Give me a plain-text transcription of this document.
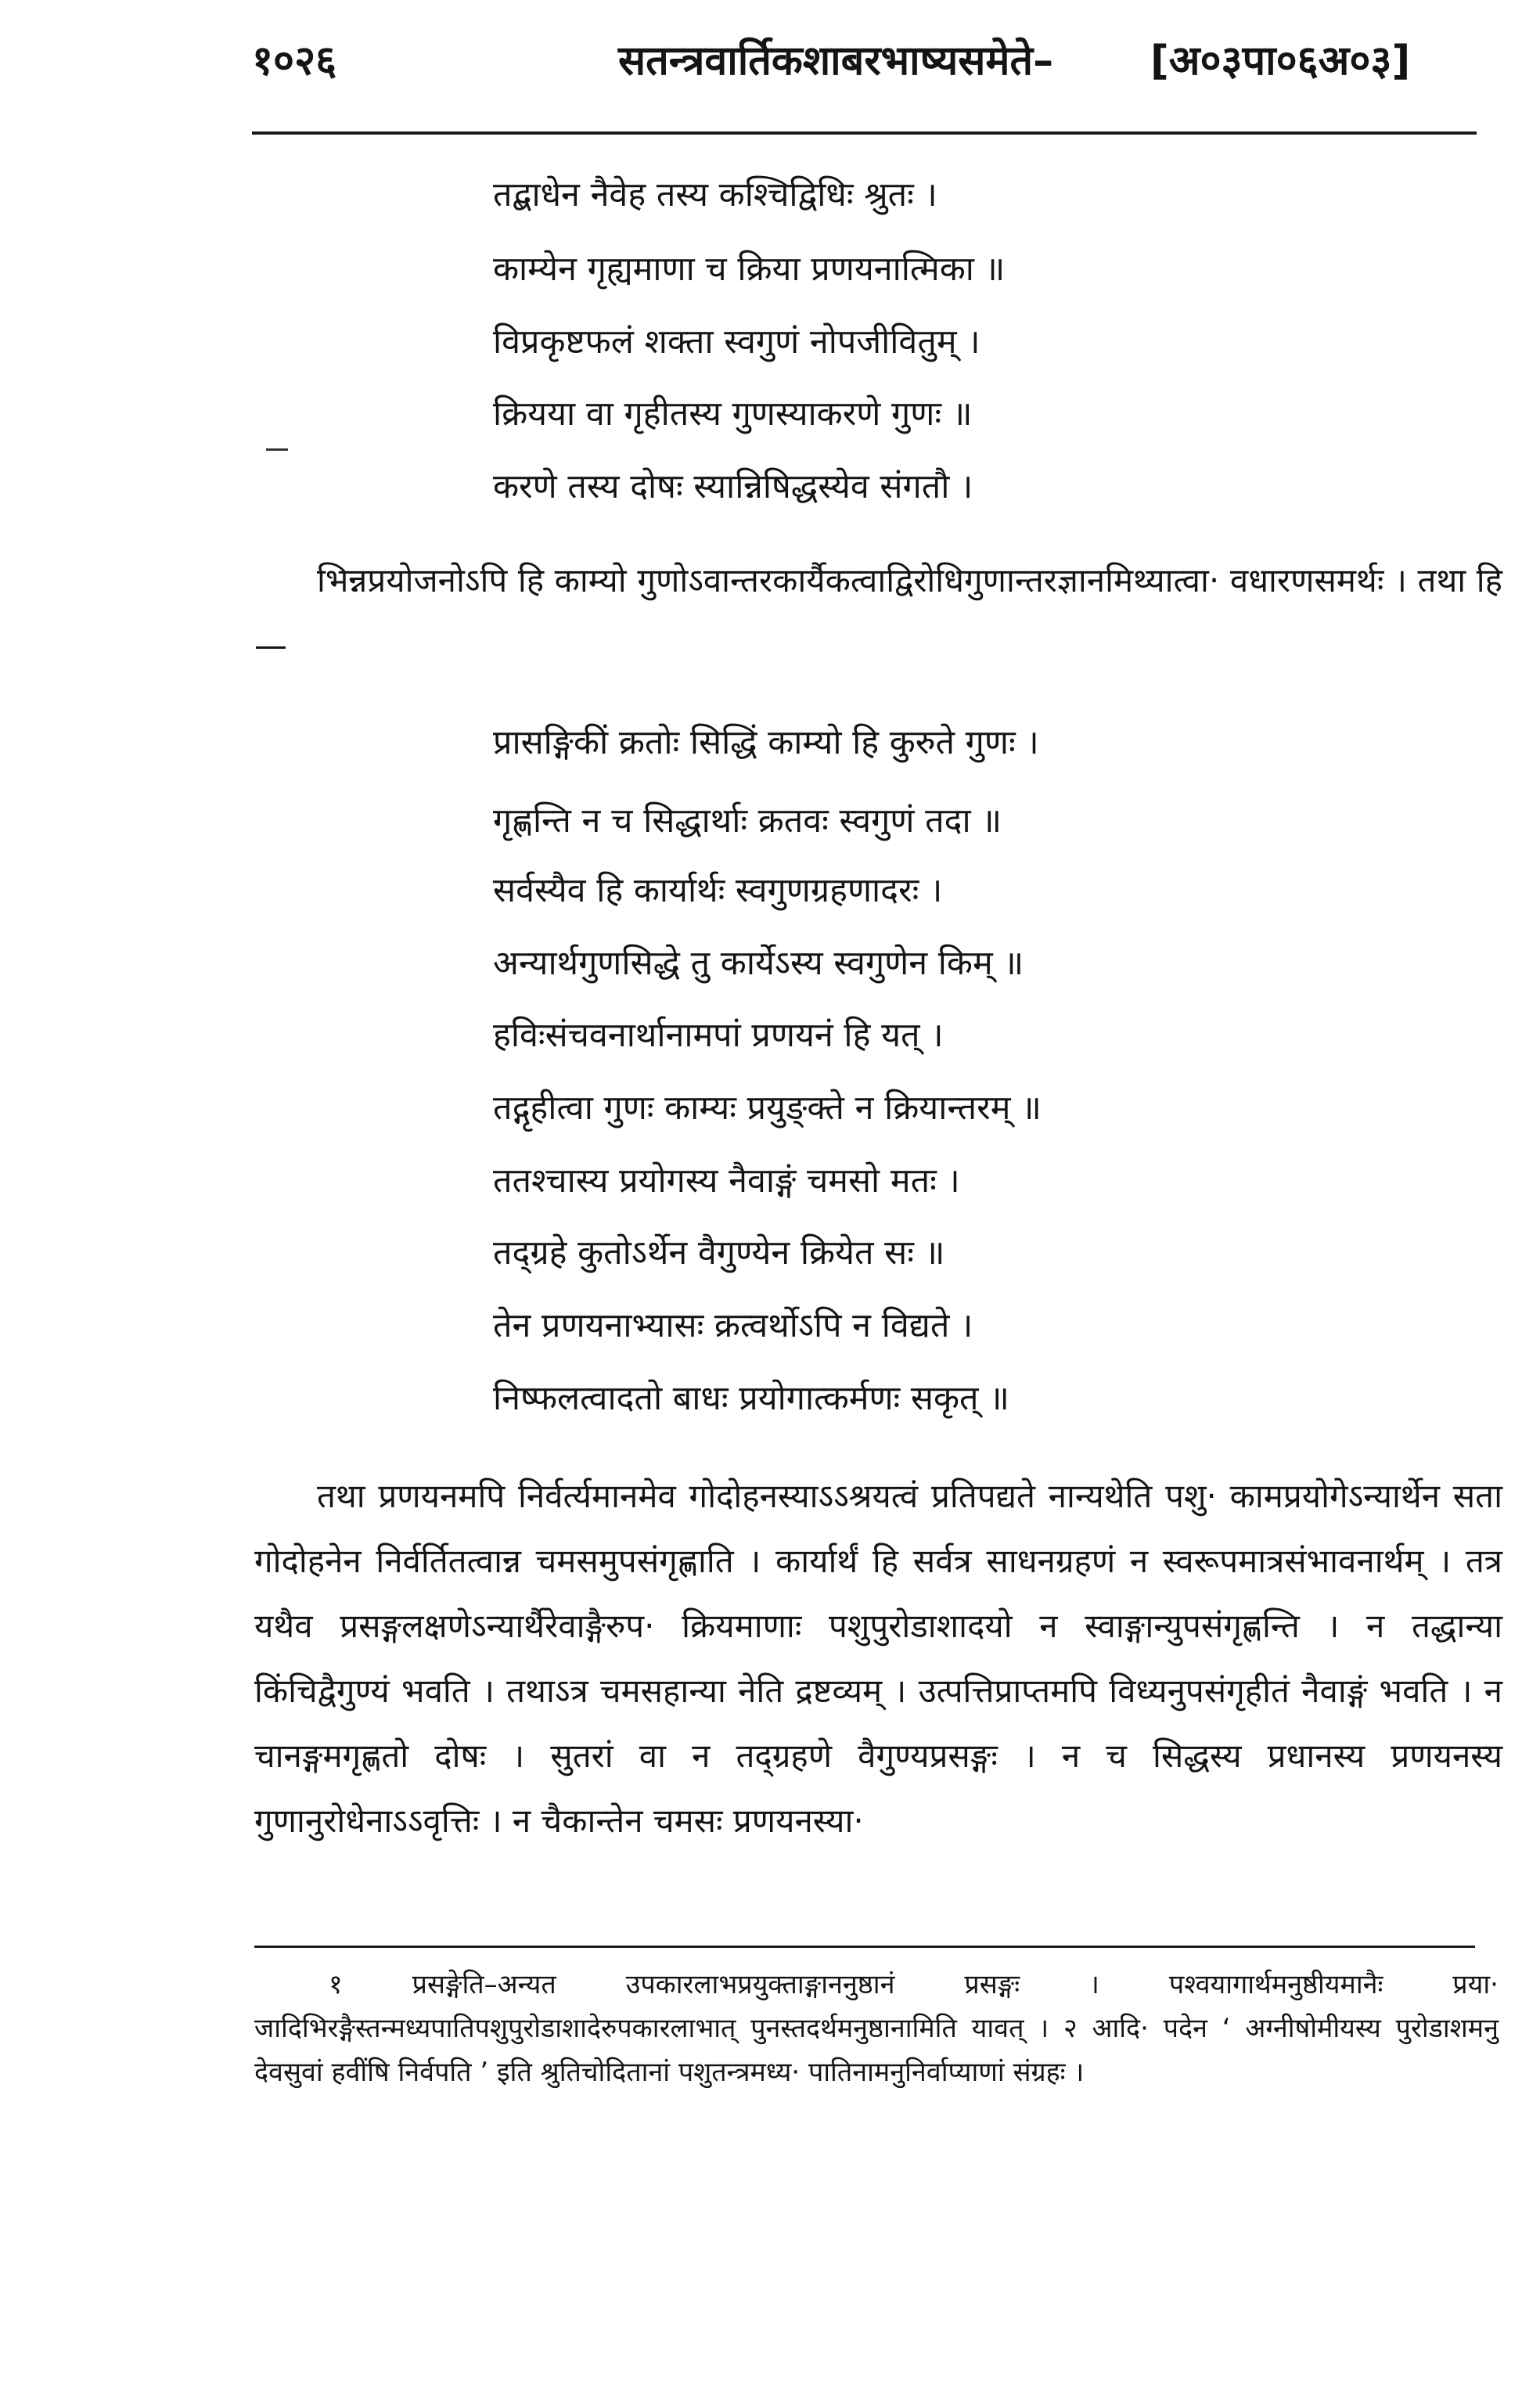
१०२६	सतन्त्रवार्तिकशाबरभाष्यसमेते– [अ०३पा०६अ०३]
तद्बाधेन नैवेह तस्य कश्चिद्विधिः श्रुतः ।
काम्येन गृह्यमाणा च क्रिया प्रणयनात्मिका ॥
विप्रकृष्टफलं शक्ता स्वगुणं नोपजीवितुम् ।
क्रियया वा गृहीतस्य गुणस्याकरणे गुणः ॥
करणे तस्य दोषः स्यान्निषिद्धस्येव संगतौ ।

भिन्नप्रयोजनोऽपि हि काम्यो गुणोऽवान्तरकार्यैकत्वाद्विरोधिगुणान्तरज्ञानमिथ्यात्वा· वधारणसमर्थः । तथा हि—

प्रासङ्गिकीं क्रतोः सिद्धिं काम्यो हि कुरुते गुणः ।
गृह्णन्ति न च सिद्धार्थाः क्रतवः स्वगुणं तदा ॥
सर्वस्यैव हि कार्यार्थः स्वगुणग्रहणादरः ।
अन्यार्थगुणसिद्धे तु कार्येऽस्य स्वगुणेन किम् ॥
हविःसंचवनार्थानामपां प्रणयनं हि यत् ।
तद्गृहीत्वा गुणः काम्यः प्रयुङ्क्ते न क्रियान्तरम् ॥
ततश्चास्य प्रयोगस्य नैवाङ्गं चमसो मतः ।
तद्ग्रहे कुतोऽर्थेन वैगुण्येन क्रियेत सः ॥
तेन प्रणयनाभ्यासः क्रत्वर्थोऽपि न विद्यते ।
निष्फलत्वादतो बाधः प्रयोगात्कर्मणः सकृत् ॥

तथा प्रणयनमपि निर्वर्त्यमानमेव गोदोहनस्याऽऽश्रयत्वं प्रतिपद्यते नान्यथेति पशु· कामप्रयोगेऽन्यार्थेन सता गोदोहनेन निर्वर्तितत्वान्न चमसमुपसंगृह्णाति । कार्यार्थं हि सर्वत्र साधनग्रहणं न स्वरूपमात्रसंभावनार्थम् । तत्र यथैव प्रसङ्गलक्षणेऽन्यार्थैरेवाङ्गैरुप· क्रियमाणाः पशुपुरोडाशादयो न स्वाङ्गान्युपसंगृह्णन्ति । न तद्धान्या किंचिद्वैगुण्यं भवति । तथाऽत्र चमसहान्या नेति द्रष्टव्यम् । उत्पत्तिप्राप्तमपि विध्यनुपसंगृहीतं नैवाङ्गं भवति । न चानङ्गमगृह्णतो दोषः । सुतरां वा न तद्ग्रहणे वैगुण्यप्रसङ्गः । न च सिद्धस्य प्रधानस्य प्रणयनस्य गुणानुरोधेनाऽऽवृत्तिः । न चैकान्तेन चमसः प्रणयनस्या·

१ प्रसङ्गेति–अन्यत उपकारलाभप्रयुक्ताङ्गाननुष्ठानं प्रसङ्गः । पश्वयागार्थमनुष्ठीयमानैः प्रया· जादिभिरङ्गैस्तन्मध्यपातिपशुपुरोडाशादेरुपकारलाभात् पुनस्तदर्थमनुष्ठानामिति यावत् । २ आदि· पदेन ‘ अग्नीषोमीयस्य पुरोडाशमनु देवसुवां हवींषि निर्वपति ’ इति श्रुतिचोदितानां पशुतन्त्रमध्य· पातिनामनुनिर्वाप्याणां संग्रहः ।
